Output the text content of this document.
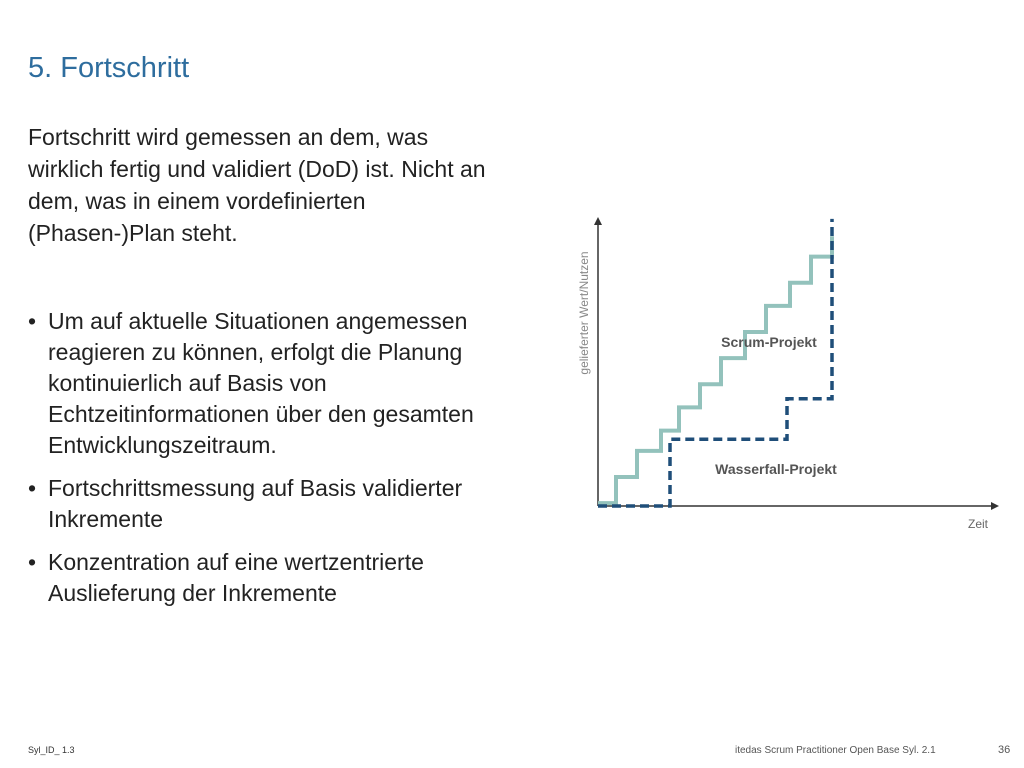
5. Fortschritt

Fortschritt wird gemessen an dem, was wirklich fertig und validiert (DoD) ist. Nicht an dem, was in einem vordefinierten (Phasen-)Plan steht.

• Um auf aktuelle Situationen angemessen reagieren zu können, erfolgt die Planung kontinuierlich auf Basis von Echtzeitinformationen über den gesamten Entwicklungszeitraum.
• Fortschrittsmessung auf Basis validierter Inkremente
• Konzentration auf eine wertzentrierte Auslieferung der Inkremente
Zeit
gelieferter Wert/Nutzen	Scrum-Projekt
Wasserfall-Projekt
Syl_ID_ 1.3	itedas Scrum Practitioner Open Base Syl. 2.1	36
